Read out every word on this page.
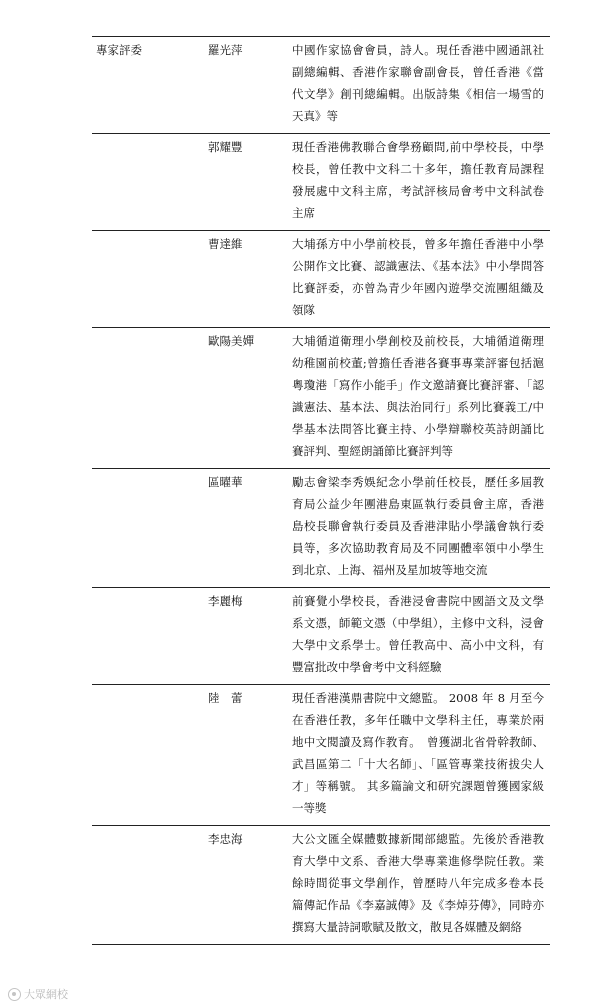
專家評委	羅光萍	中國作家協會會員，詩人。現任香港中國通訊社副總編輯、香港作家聯會副會長，曾任香港《當代文學》創刊總編輯。出版詩集《相信一場雪的天真》等
	郭耀豐	現任香港佛教聯合會學務顧問,前中學校長，中學校長，曾任教中文科二十多年，擔任教育局課程發展處中文科主席，考試評核局會考中文科試卷主席
	曹達維	大埔孫方中小學前校長，曾多年擔任香港中小學公開作文比賽、認識憲法、《基本法》中小學問答比賽評委，亦曾為青少年國內遊學交流團組織及領隊
	歐陽美嬋	大埔循道衛理小學創校及前校長，大埔循道衛理幼稚園前校董;曾擔任香港各賽事專業評審包括滬粵瓊港「寫作小能手」作文邀請賽比賽評審、「認識憲法、基本法、與法治同行」系列比賽義工/中學基本法問答比賽主持、小學辯聯校英詩朗誦比賽評判、聖經朗誦節比賽評判等
	區曜華	勵志會梁李秀娛紀念小學前任校長，歷任多屆教育局公益少年團港島東區執行委員會主席，香港島校長聯會執行委員及香港津貼小學議會執行委員等，多次協助教育局及不同團體率領中小學生到北京、上海、福州及星加坡等地交流
	李麗梅	前賽覺小學校長，香港浸會書院中國語文及文學系文憑，師範文憑（中學組），主修中文科，浸會大學中文系學士。曾任教高中、高小中文科，有豐富批改中學會考中文科經驗
	陸　蕾	現任香港漢鼎書院中文總監。 2008 年 8 月至今在香港任教，多年任職中文學科主任，專業於兩地中文閱讀及寫作教育。　曾獲湖北省骨幹教師、武昌區第二「十大名師」、「區管專業技術拔尖人才」等稱號。 其多篇論文和研究課題曾獲國家級一等獎
	李忠海	大公文匯全媒體數據新聞部總監。先後於香港教育大學中文系、香港大學專業進修學院任教。業餘時間從事文學創作，曾歷時八年完成多卷本長篇傳記作品《李嘉誠傳》及《李焯芬傳》，同時亦撰寫大量詩詞歌賦及散文，散見各媒體及網絡
大眾網校
